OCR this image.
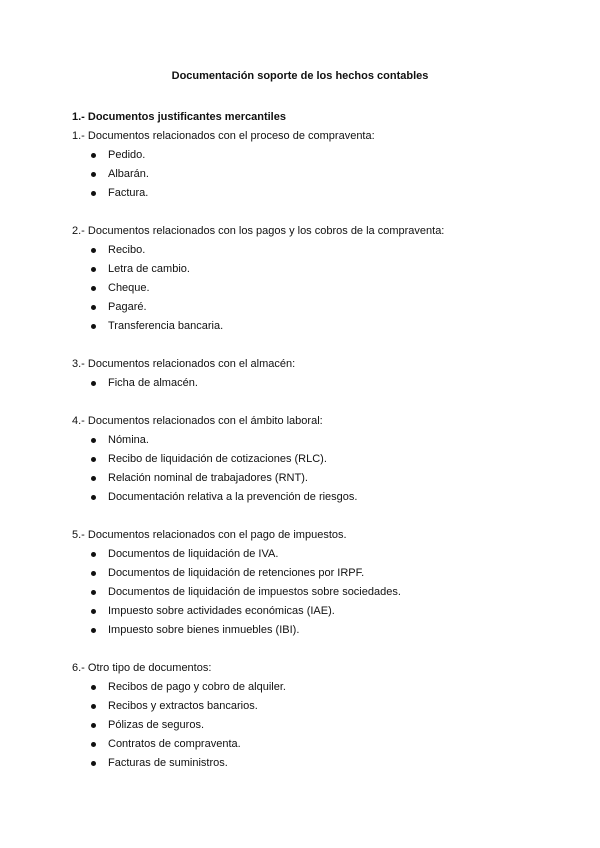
Documentación soporte de los hechos contables

1.- Documentos justificantes mercantiles

1.- Documentos relacionados con el proceso de compraventa:

Pedido.
Albarán.
Factura.

2.- Documentos relacionados con los pagos y los cobros de la compraventa:

Recibo.
Letra de cambio.
Cheque.
Pagaré.
Transferencia bancaria.

3.- Documentos relacionados con el almacén:

Ficha de almacén.

4.- Documentos relacionados con el ámbito laboral:

Nómina.
Recibo de liquidación de cotizaciones (RLC).
Relación nominal de trabajadores (RNT).
Documentación relativa a la prevención de riesgos.

5.- Documentos relacionados con el pago de impuestos.

Documentos de liquidación de IVA.
Documentos de liquidación de retenciones por IRPF.
Documentos de liquidación de impuestos sobre sociedades.
Impuesto sobre actividades económicas (IAE).
Impuesto sobre bienes inmuebles (IBI).

6.- Otro tipo de documentos:

Recibos de pago y cobro de alquiler.
Recibos y extractos bancarios.
Pólizas de seguros.
Contratos de compraventa.
Facturas de suministros.
